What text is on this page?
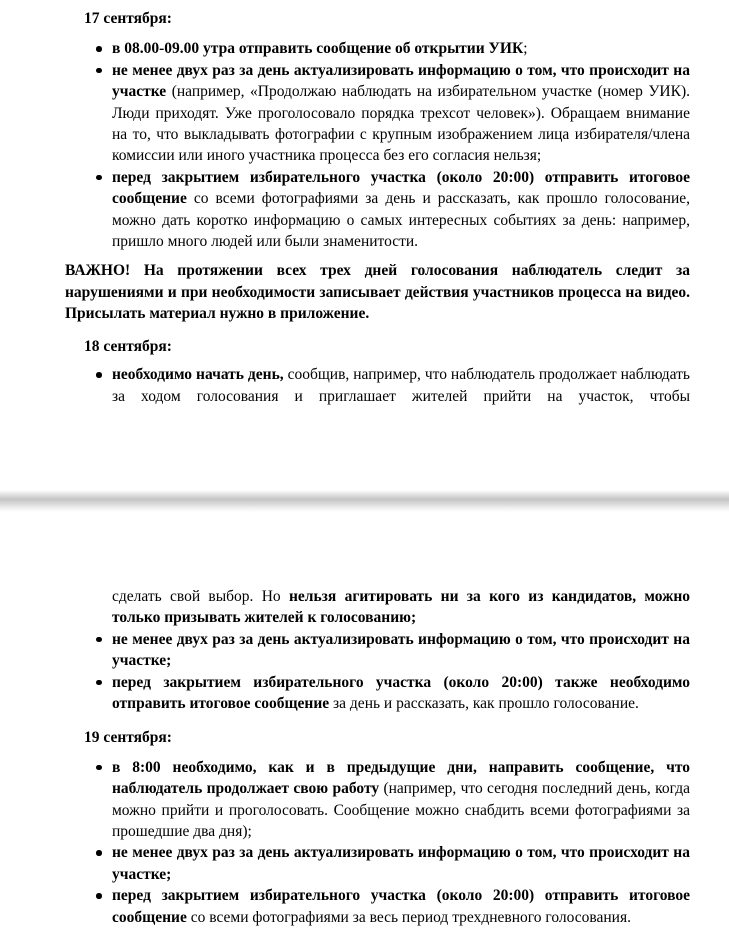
17 сентября:
в 08.00-09.00 утра отправить сообщение об открытии УИК;
не менее двух раз за день актуализировать информацию о том, что происходит на участке (например, «Продолжаю наблюдать на избирательном участке (номер УИК). Люди приходят. Уже проголосовало порядка трехсот человек»). Обращаем внимание на то, что выкладывать фотографии с крупным изображением лица избирателя/члена комиссии или иного участника процесса без его согласия нельзя;
перед закрытием избирательного участка (около 20:00) отправить итоговое сообщение со всеми фотографиями за день и рассказать, как прошло голосование, можно дать коротко информацию о самых интересных событиях за день: например, пришло много людей или были знаменитости.

ВАЖНО! На протяжении всех трех дней голосования наблюдатель следит за нарушениями и при необходимости записывает действия участников процесса на видео. Присылать материал нужно в приложение.

18 сентября:
необходимо начать день, сообщив, например, что наблюдатель продолжает наблюдать за ходом голосования и приглашает жителей прийти на участок, чтобы
сделать свой выбор. Но нельзя агитировать ни за кого из кандидатов, можно только призывать жителей к голосованию;
не менее двух раз за день актуализировать информацию о том, что происходит на участке;
перед закрытием избирательного участка (около 20:00) также необходимо отправить итоговое сообщение за день и рассказать, как прошло голосование.
19 сентября:
в 8:00 необходимо, как и в предыдущие дни, направить сообщение, что наблюдатель продолжает свою работу (например, что сегодня последний день, когда можно прийти и проголосовать. Сообщение можно снабдить всеми фотографиями за прошедшие два дня);
не менее двух раз за день актуализировать информацию о том, что происходит на участке;
перед закрытием избирательного участка (около 20:00) отправить итоговое сообщение со всеми фотографиями за весь период трехдневного голосования.
